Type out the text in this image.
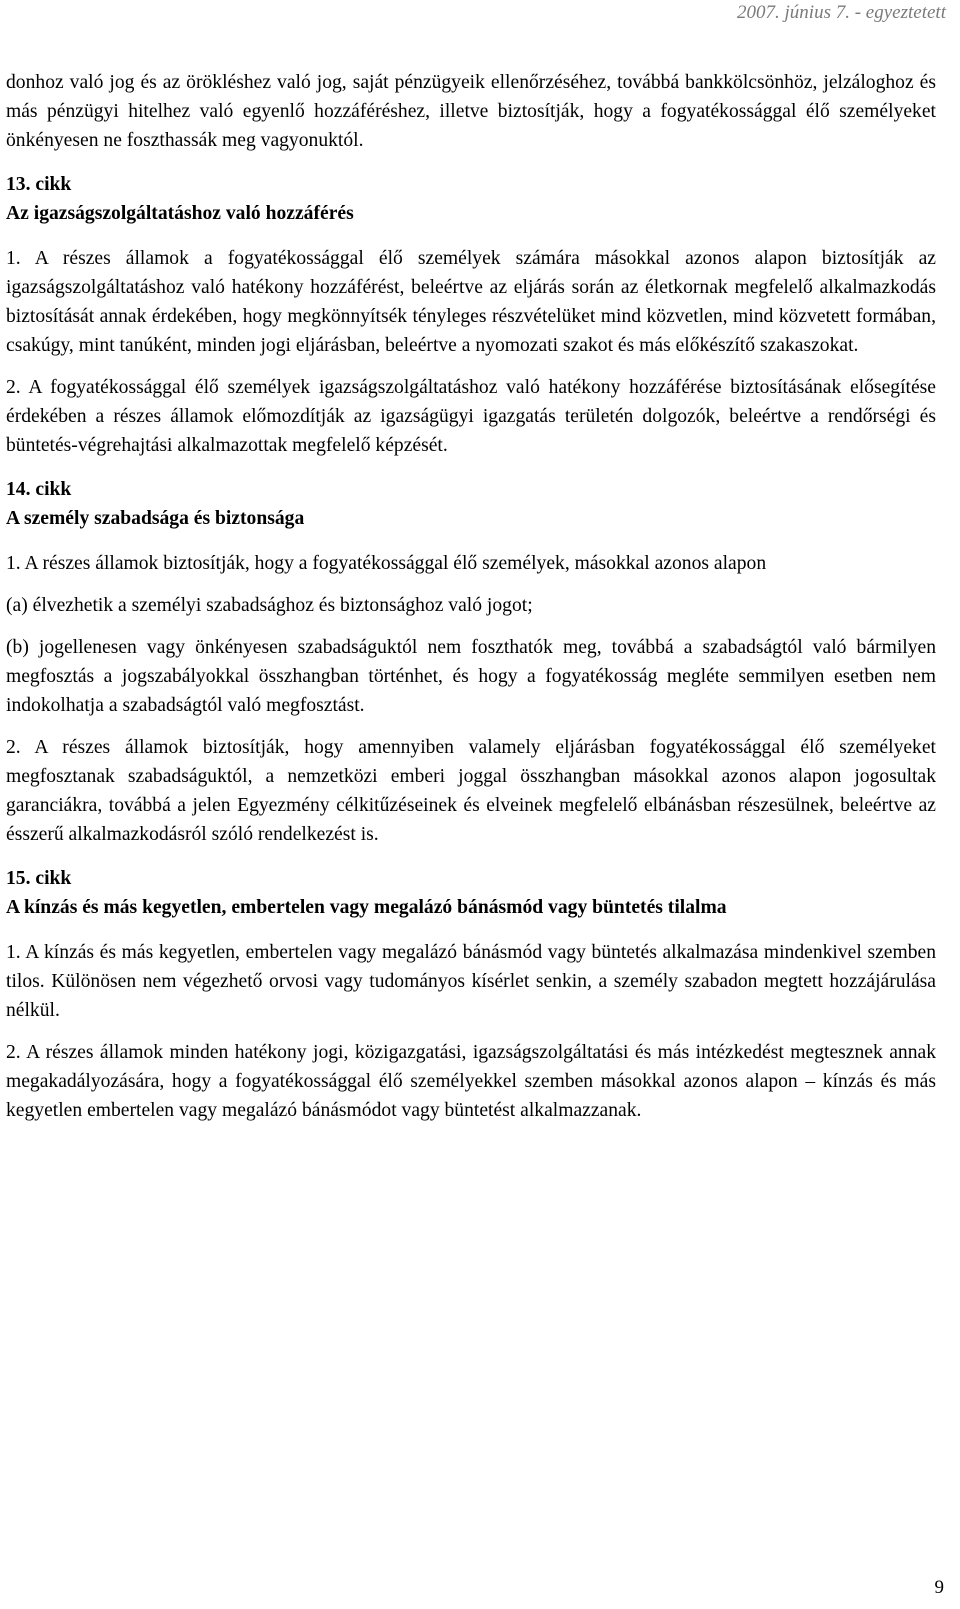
2007. június 7. - egyeztetett

donhoz való jog és az örökléshez való jog, saját pénzügyeik ellenőrzéséhez, továbbá bankkölcsönhöz, jelzáloghoz és más pénzügyi hitelhez való egyenlő hozzáféréshez, illetve biztosítják, hogy a fogyatékossággal élő személyeket önkényesen ne foszthassák meg vagyonuktól.

13. cikk
Az igazságszolgáltatáshoz való hozzáférés

1. A részes államok a fogyatékossággal élő személyek számára másokkal azonos alapon biztosítják az igazságszolgáltatáshoz való hatékony hozzáférést, beleértve az eljárás során az életkornak megfelelő alkalmazkodás biztosítását annak érdekében, hogy megkönnyítsék tényleges részvételüket mind közvetlen, mind közvetett formában, csakúgy, mint tanúként, minden jogi eljárásban, beleértve a nyomozati szakot és más előkészítő szakaszokat.

2. A fogyatékossággal élő személyek igazságszolgáltatáshoz való hatékony hozzáférése biztosításának elősegítése érdekében a részes államok előmozdítják az igazságügyi igazgatás területén dolgozók, beleértve a rendőrségi és büntetés-végrehajtási alkalmazottak megfelelő képzését.

14. cikk
A személy szabadsága és biztonsága

1. A részes államok biztosítják, hogy a fogyatékossággal élő személyek, másokkal azonos alapon

(a) élvezhetik a személyi szabadsághoz és biztonsághoz való jogot;

(b) jogellenesen vagy önkényesen szabadságuktól nem foszthatók meg, továbbá a szabadságtól való bármilyen megfosztás a jogszabályokkal összhangban történhet, és hogy a fogyatékosság megléte semmilyen esetben nem indokolhatja a szabadságtól való megfosztást.

2. A részes államok biztosítják, hogy amennyiben valamely eljárásban fogyatékossággal élő személyeket megfosztanak szabadságuktól, a nemzetközi emberi joggal összhangban másokkal azonos alapon jogosultak garanciákra, továbbá a jelen Egyezmény célkitűzéseinek és elveinek megfelelő elbánásban részesülnek, beleértve az ésszerű alkalmazkodásról szóló rendelkezést is.

15. cikk
A kínzás és más kegyetlen, embertelen vagy megalázó bánásmód vagy büntetés tilalma

1. A kínzás és más kegyetlen, embertelen vagy megalázó bánásmód vagy büntetés alkalmazása mindenkivel szemben tilos. Különösen nem végezhető orvosi vagy tudományos kísérlet senkin, a személy szabadon megtett hozzájárulása nélkül.

2. A részes államok minden hatékony jogi, közigazgatási, igazságszolgáltatási és más intézkedést megtesznek annak megakadályozására, hogy a fogyatékossággal élő személyekkel szemben másokkal azonos alapon – kínzás és más kegyetlen embertelen vagy megalázó bánásmódot vagy büntetést alkalmazzanak.

9
